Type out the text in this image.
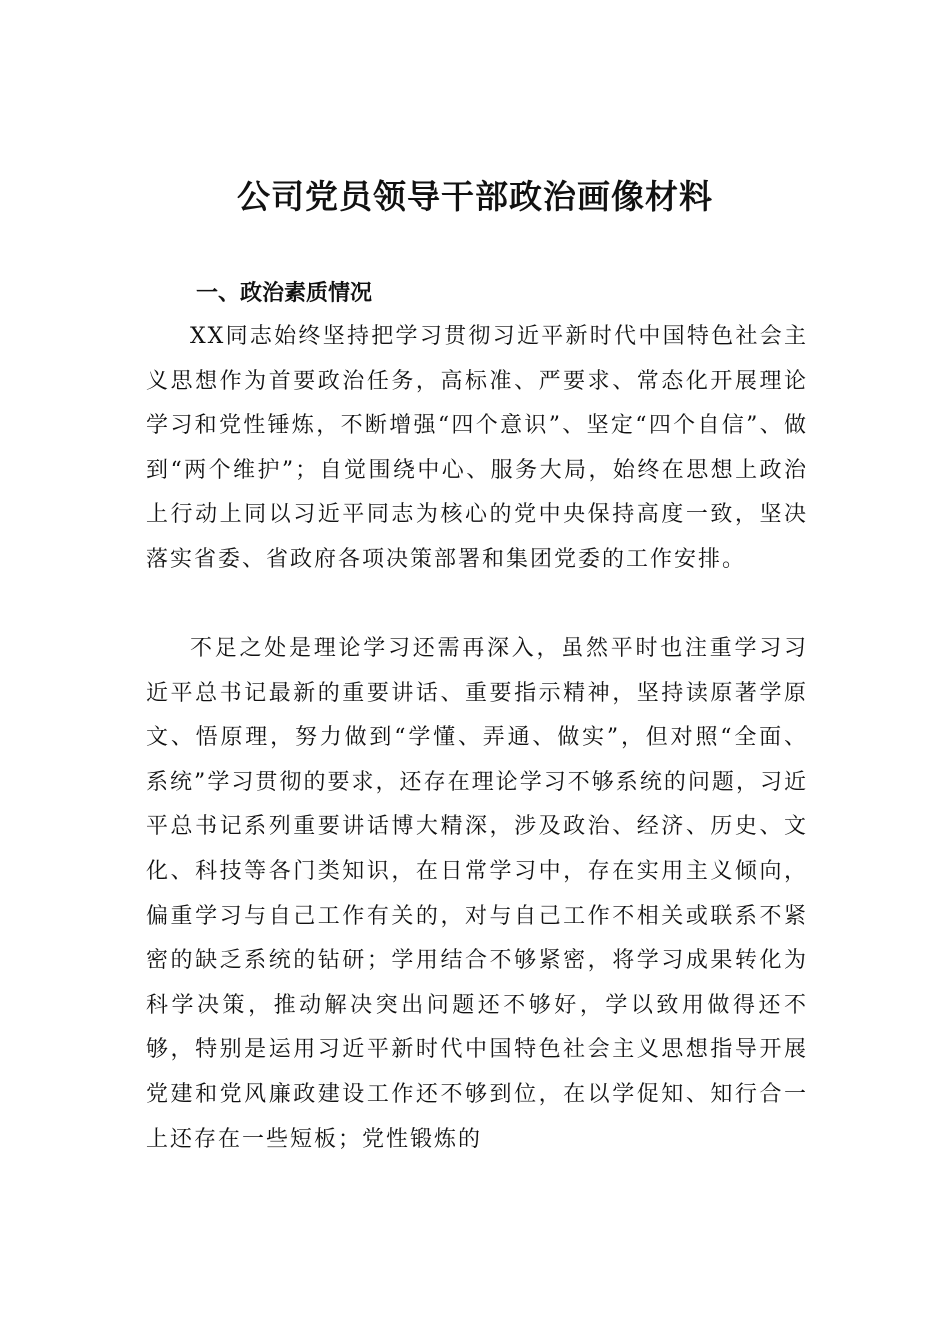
公司党员领导干部政治画像材料
一、政治素质情况

XX同志始终坚持把学习贯彻习近平新时代中国特色社会主义思想作为首要政治任务，高标准、严要求、常态化开展理论学习和党性锤炼，不断增强“四个意识”、坚定“四个自信”、做到“两个维护”；自觉围绕中心、服务大局，始终在思想上政治上行动上同以习近平同志为核心的党中央保持高度一致，坚决落实省委、省政府各项决策部署和集团党委的工作安排。

不足之处是理论学习还需再深入，虽然平时也注重学习习近平总书记最新的重要讲话、重要指示精神，坚持读原著学原文、悟原理，努力做到“学懂、弄通、做实”，但对照“全面、系统”学习贯彻的要求，还存在理论学习不够系统的问题，习近平总书记系列重要讲话博大精深，涉及政治、经济、历史、文化、科技等各门类知识，在日常学习中，存在实用主义倾向，偏重学习与自己工作有关的，对与自己工作不相关或联系不紧密的缺乏系统的钻研；学用结合不够紧密，将学习成果转化为科学决策，推动解决突出问题还不够好，学以致用做得还不够，特别是运用习近平新时代中国特色社会主义思想指导开展党建和党风廉政建设工作还不够到位，在以学促知、知行合一上还存在一些短板；党性锻炼的
